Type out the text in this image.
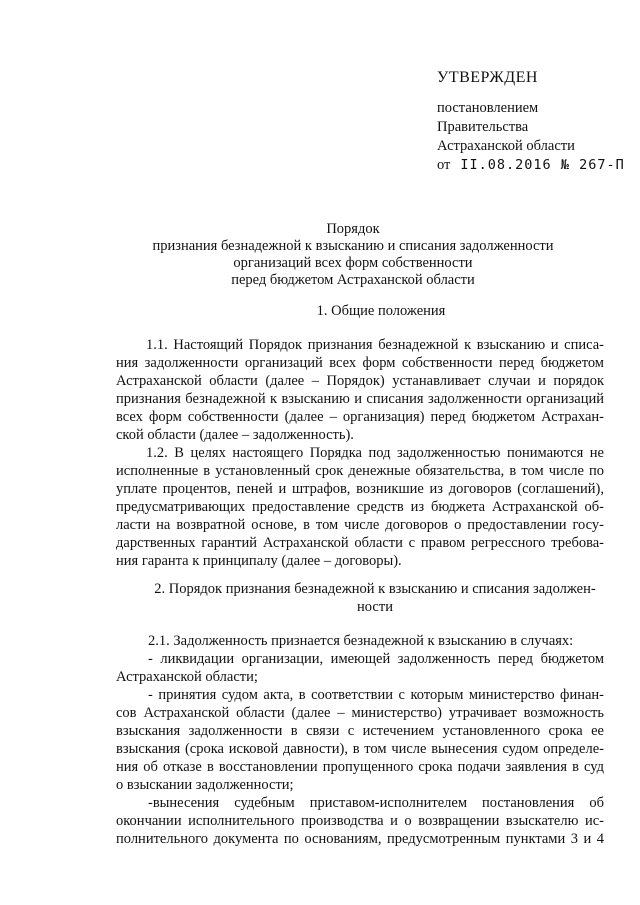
УТВЕРЖДЕН
постановлением
Правительства
Астраханской области
от II.08.2016 № 267-П
Порядок
признания безнадежной к взысканию и списания задолженности
организаций всех форм собственности
перед бюджетом Астраханской области
1. Общие положения

1.1. Настоящий Порядок признания безнадежной к взысканию и списа-

ния задолженности организаций всех форм собственности перед бюджетом

Астраханской области (далее – Порядок) устанавливает случаи и порядок

признания безнадежной к взысканию и списания задолженности организаций

всех форм собственности (далее – организация) перед бюджетом Астрахан-

ской области (далее – задолженность).

1.2. В целях настоящего Порядка под задолженностью понимаются не

исполненные в установленный срок денежные обязательства, в том числе по

уплате процентов, пеней и штрафов, возникшие из договоров (соглашений),

предусматривающих предоставление средств из бюджета Астраханской об-

ласти на возвратной основе, в том числе договоров о предоставлении госу-

дарственных гарантий Астраханской области с правом регрессного требова-

ния гаранта к принципалу (далее – договоры).

2. Порядок признания безнадежной к взысканию и списания задолжен-
ности

2.1. Задолженность признается безнадежной к взысканию в случаях:

- ликвидации организации, имеющей задолженность перед бюджетом

Астраханской области;

- принятия судом акта, в соответствии с которым министерство финан-

сов Астраханской области (далее – министерство) утрачивает возможность

взыскания задолженности в связи с истечением установленного срока ее

взыскания (срока исковой давности), в том числе вынесения судом определе-

ния об отказе в восстановлении пропущенного срока подачи заявления в суд

о взыскании задолженности;

-вынесения судебным приставом-исполнителем постановления об

окончании исполнительного производства и о возвращении взыскателю ис-

полнительного документа по основаниям, предусмотренным пунктами 3 и 4
